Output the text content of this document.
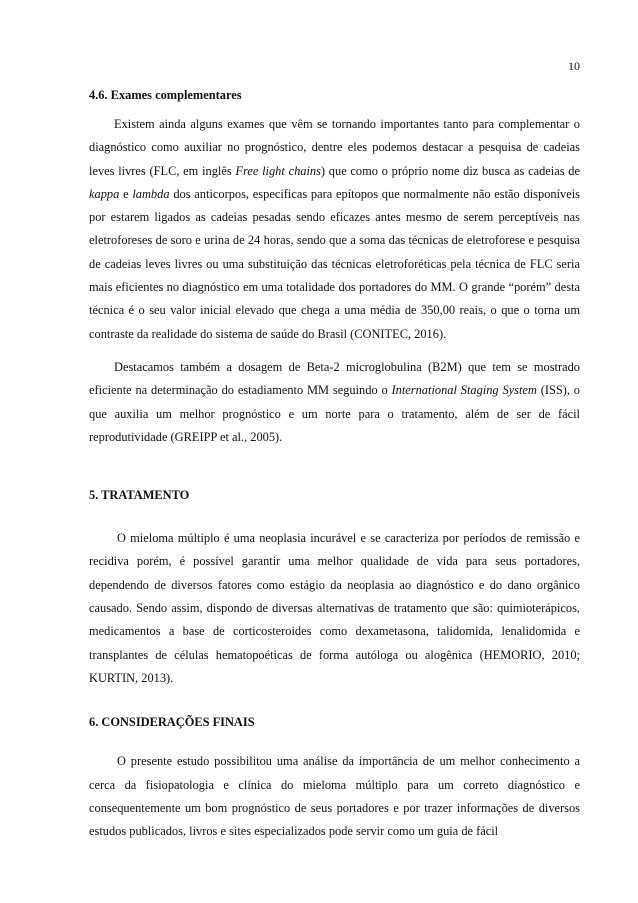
10
4.6. Exames complementares

Existem ainda alguns exames que vêm se tornando importantes tanto para complementar o diagnóstico como auxiliar no prognóstico, dentre eles podemos destacar a pesquisa de cadeias leves livres (FLC, em inglês Free light chains) que como o próprio nome diz busca as cadeias de kappa e lambda dos anticorpos, específicas para epítopos que normalmente não estão disponíveis por estarem ligados as cadeias pesadas sendo eficazes antes mesmo de serem perceptíveis nas eletroforeses de soro e urina de 24 horas, sendo que a soma das técnicas de eletroforese e pesquisa de cadeias leves livres ou uma substituição das técnicas eletroforéticas pela técnica de FLC seria mais eficientes no diagnóstico em uma totalidade dos portadores do MM. O grande “porém” desta técnica é o seu valor inicial elevado que chega a uma média de 350,00 reais, o que o torna um contraste da realidade do sistema de saúde do Brasil (CONITEC, 2016).

Destacamos também a dosagem de Beta-2 microglobulina (B2M) que tem se mostrado eficiente na determinação do estadiamento MM seguindo o International Staging System (ISS), o que auxilia um melhor prognóstico e um norte para o tratamento, além de ser de fácil reprodutividade (GREIPP et al., 2005).

5. TRATAMENTO

O mieloma múltiplo é uma neoplasia incurável e se caracteriza por períodos de remissão e recidiva porém, é possível garantir uma melhor qualidade de vida para seus portadores, dependendo de diversos fatores como estágio da neoplasia ao diagnóstico e do dano orgânico causado. Sendo assim, dispondo de diversas alternativas de tratamento que são: quimioterápicos, medicamentos a base de corticosteroides como dexametasona, talidomida, lenalidomida e transplantes de células hematopoéticas de forma autóloga ou alogênica (HEMORIO, 2010; KURTIN, 2013).

6. CONSIDERAÇÕES FINAIS

O presente estudo possibilitou uma análise da importância de um melhor conhecimento a cerca da fisiopatologia e clínica do mieloma múltiplo para um correto diagnóstico e consequentemente um bom prognóstico de seus portadores e por trazer informações de diversos estudos publicados, livros e sites especializados pode servir como um guia de fácil
